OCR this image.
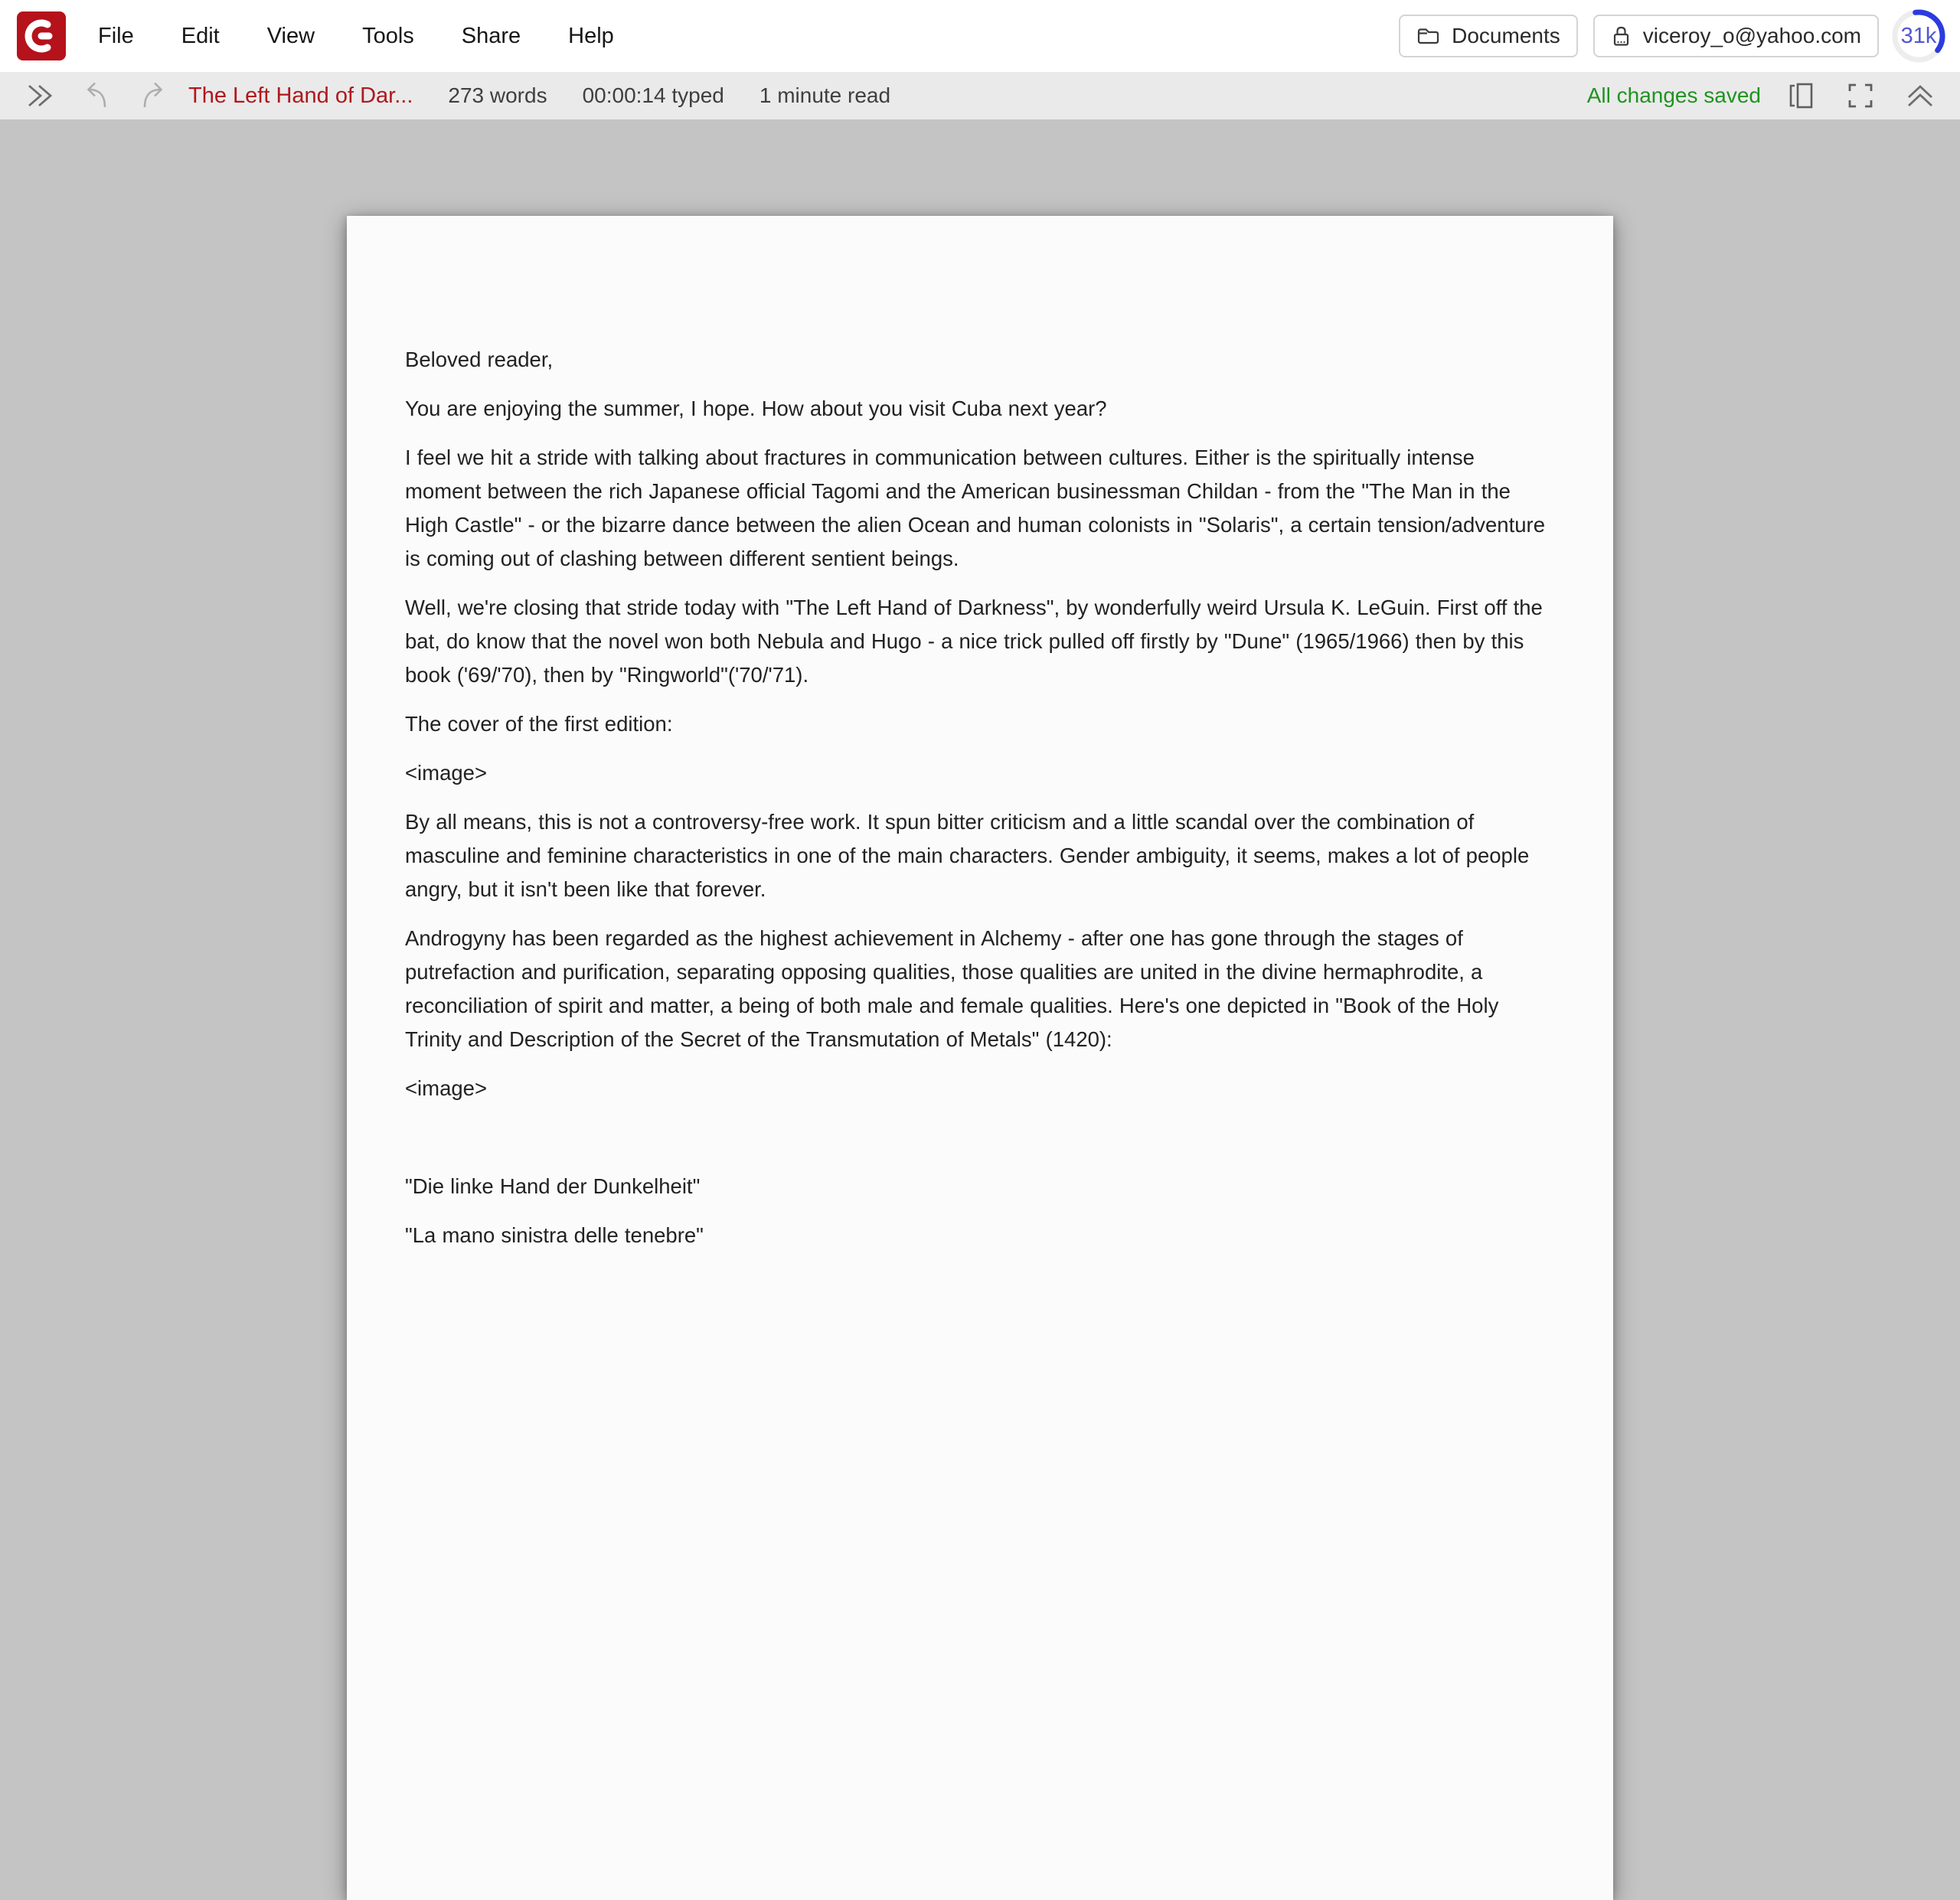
File Edit View Tools Share Help	Documents	viceroy_o@yahoo.com	31k
The Left Hand of Dar... 273 words 00:00:14 typed 1 minute read	All changes saved

Beloved reader,

You are enjoying the summer, I hope. How about you visit Cuba next year?

I feel we hit a stride with talking about fractures in communication between cultures. Either is the spiritually intense moment between the rich Japanese official Tagomi and the American businessman Childan - from the "The Man in the High Castle" - or the bizarre dance between the alien Ocean and human colonists in "Solaris", a certain tension/adventure is coming out of clashing between different sentient beings.

Well, we're closing that stride today with "The Left Hand of Darkness", by wonderfully weird Ursula K. LeGuin. First off the bat, do know that the novel won both Nebula and Hugo - a nice trick pulled off firstly by "Dune" (1965/1966) then by this book ('69/'70), then by "Ringworld"('70/'71).

The cover of the first edition:

<image>

By all means, this is not a controversy-free work. It spun bitter criticism and a little scandal over the combination of masculine and feminine characteristics in one of the main characters. Gender ambiguity, it seems, makes a lot of people angry, but it isn't been like that forever.

Androgyny has been regarded as the highest achievement in Alchemy - after one has gone through the stages of putrefaction and purification, separating opposing qualities, those qualities are united in the divine hermaphrodite, a reconciliation of spirit and matter, a being of both male and female qualities. Here's one depicted in "Book of the Holy Trinity and Description of the Secret of the Transmutation of Metals" (1420):

<image>

"Die linke Hand der Dunkelheit"

"La mano sinistra delle tenebre"
